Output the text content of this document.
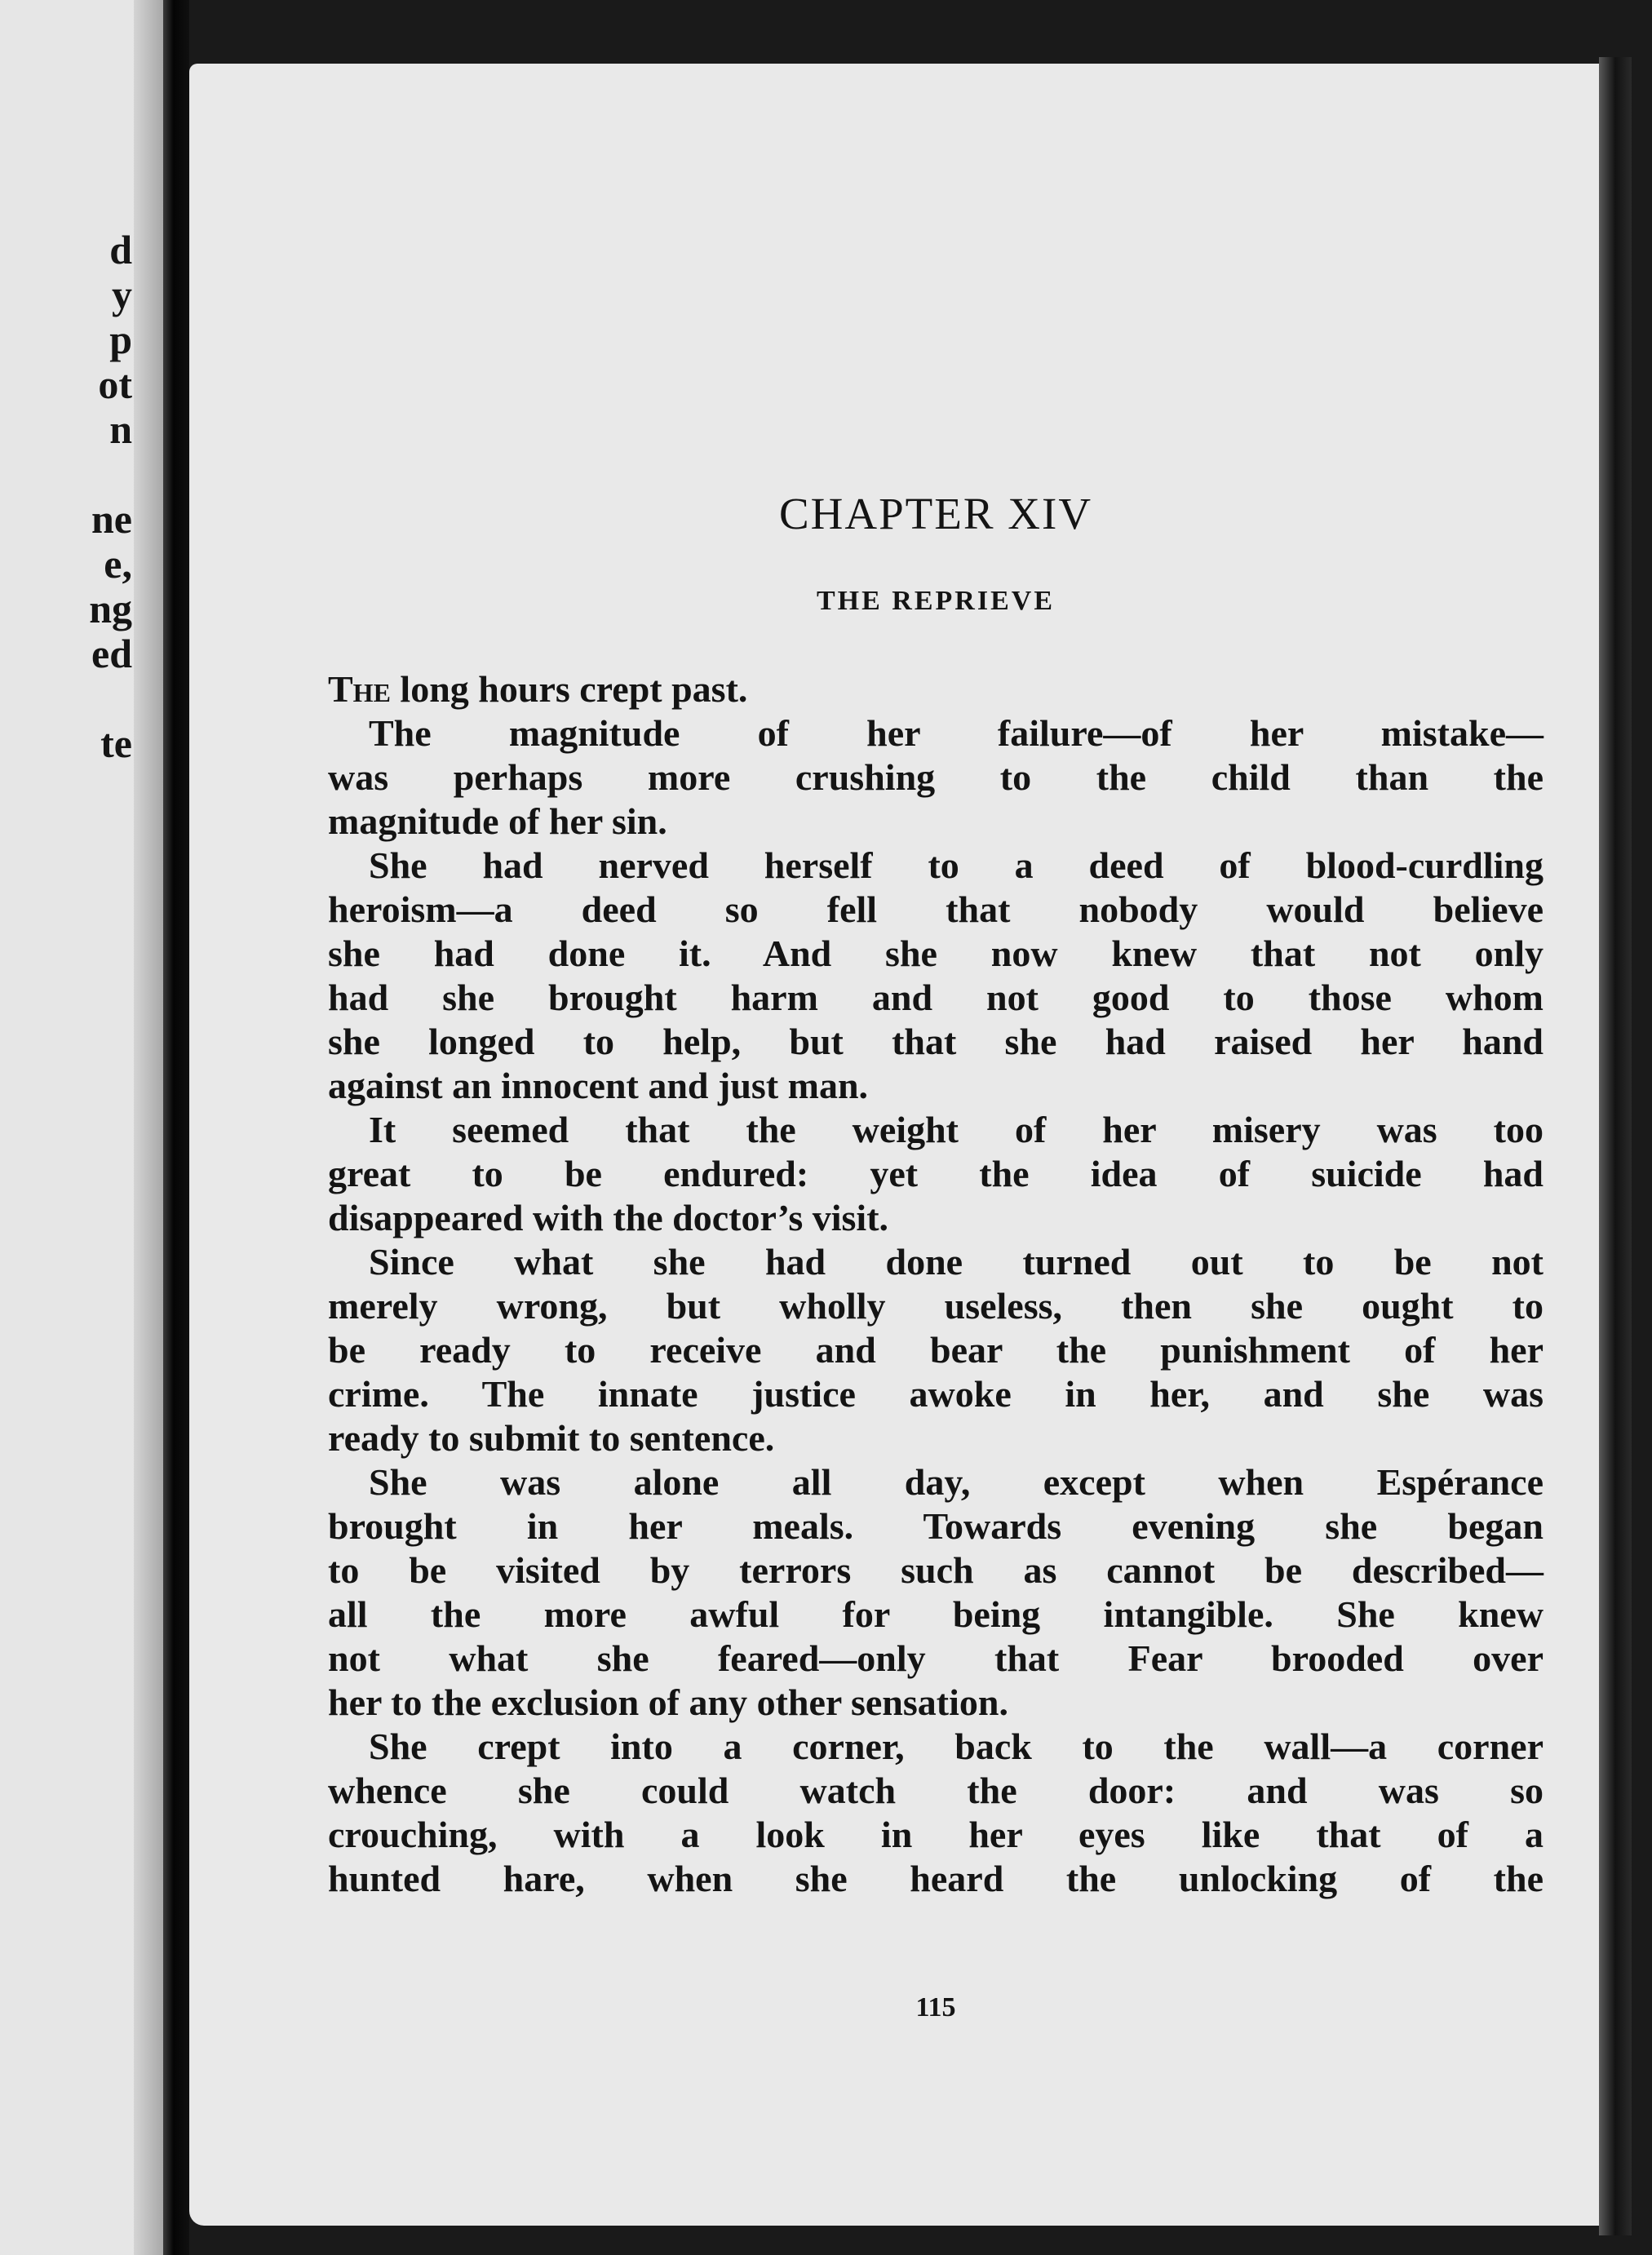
d
y
p
ot
n
ne
e,
ng
ed
te
CHAPTER XIV
THE REPRIEVE

The long hours crept past.

The magnitude of her failure—of her mistake—
was perhaps more crushing to the child than the
magnitude of her sin.

She had nerved herself to a deed of blood-curdling
heroism—a deed so fell that nobody would believe
she had done it. And she now knew that not only
had she brought harm and not good to those whom
she longed to help, but that she had raised her hand
against an innocent and just man.

It seemed that the weight of her misery was too
great to be endured: yet the idea of suicide had
disappeared with the doctor’s visit.

Since what she had done turned out to be not
merely wrong, but wholly useless, then she ought to
be ready to receive and bear the punishment of her
crime. The innate justice awoke in her, and she was
ready to submit to sentence.

She was alone all day, except when Espérance
brought in her meals. Towards evening she began
to be visited by terrors such as cannot be described—
all the more awful for being intangible. She knew
not what she feared—only that Fear brooded over
her to the exclusion of any other sensation.

She crept into a corner, back to the wall—a corner
whence she could watch the door: and was so
crouching, with a look in her eyes like that of a
hunted hare, when she heard the unlocking of the

115
